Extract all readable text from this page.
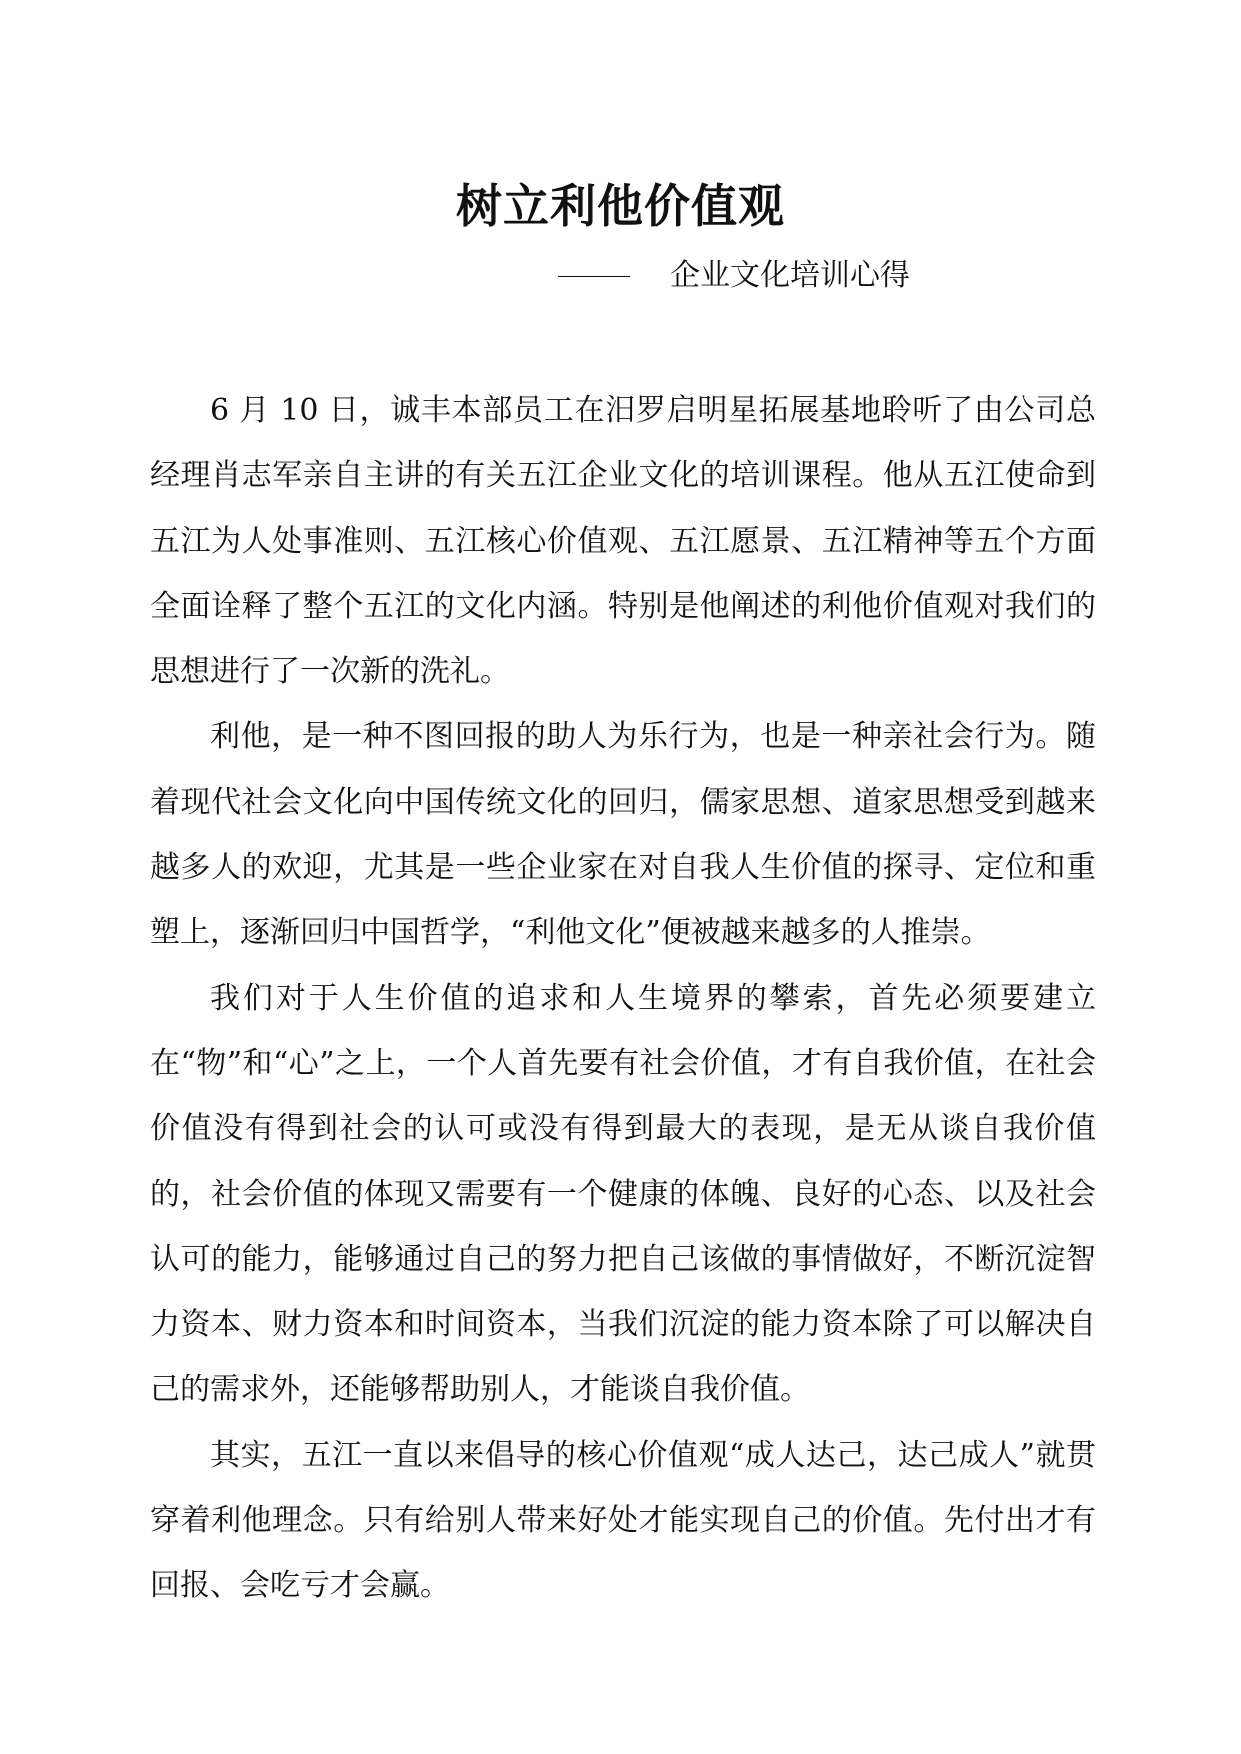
树立利他价值观
企业文化培训心得

6 月 10 日，诚丰本部员工在汨罗启明星拓展基地聆听了由公司总经理肖志军亲自主讲的有关五江企业文化的培训课程。他从五江使命到五江为人处事准则、五江核心价值观、五江愿景、五江精神等五个方面全面诠释了整个五江的文化内涵。特别是他阐述的利他价值观对我们的思想进行了一次新的洗礼。

利他，是一种不图回报的助人为乐行为，也是一种亲社会行为。随着现代社会文化向中国传统文化的回归，儒家思想、道家思想受到越来越多人的欢迎，尤其是一些企业家在对自我人生价值的探寻、定位和重塑上，逐渐回归中国哲学，“利他文化”便被越来越多的人推崇。

我们对于人生价值的追求和人生境界的攀索，首先必须要建立在“物”和“心”之上，一个人首先要有社会价值，才有自我价值，在社会价值没有得到社会的认可或没有得到最大的表现，是无从谈自我价值的，社会价值的体现又需要有一个健康的体魄、良好的心态、以及社会认可的能力，能够通过自己的努力把自己该做的事情做好，不断沉淀智力资本、财力资本和时间资本，当我们沉淀的能力资本除了可以解决自己的需求外，还能够帮助别人，才能谈自我价值。

其实，五江一直以来倡导的核心价值观“成人达己，达己成人”就贯穿着利他理念。只有给别人带来好处才能实现自己的价值。先付出才有回报、会吃亏才会赢。
